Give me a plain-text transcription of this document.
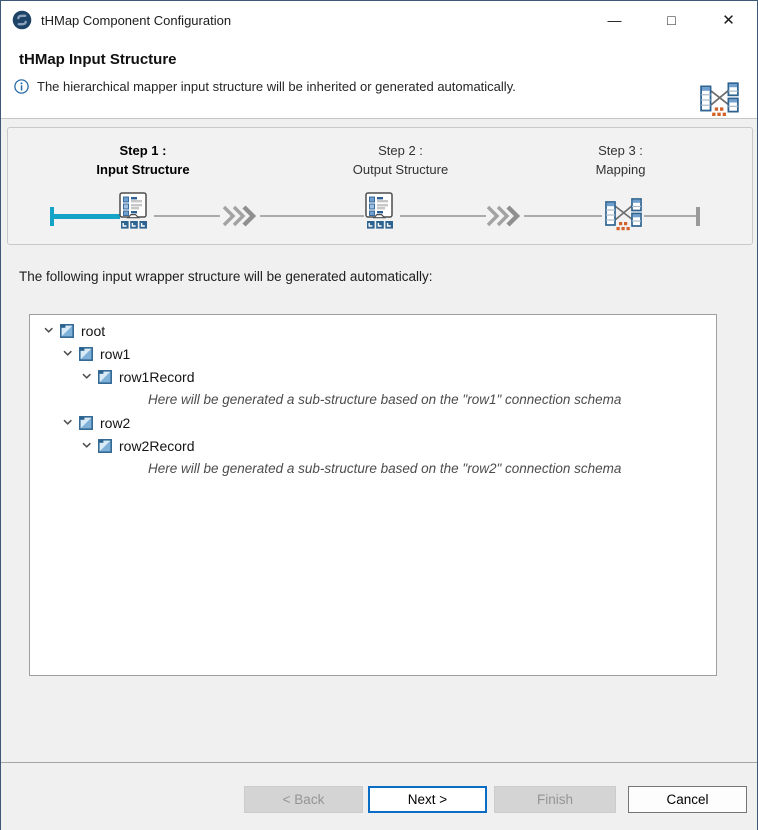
tHMap Component Configuration	—	□	✕
tHMap Input Structure
The hierarchical mapper input structure will be inherited or generated automatically.
Step 1 :
Input Structure
Step 2 :
Output Structure
Step 3 :
Mapping
The following input wrapper structure will be generated automatically:
root
row1
row1Record
Here will be generated a sub-structure based on the "row1" connection schema
row2
row2Record
Here will be generated a sub-structure based on the "row2" connection schema
< Back	Next >	Finish	Cancel
